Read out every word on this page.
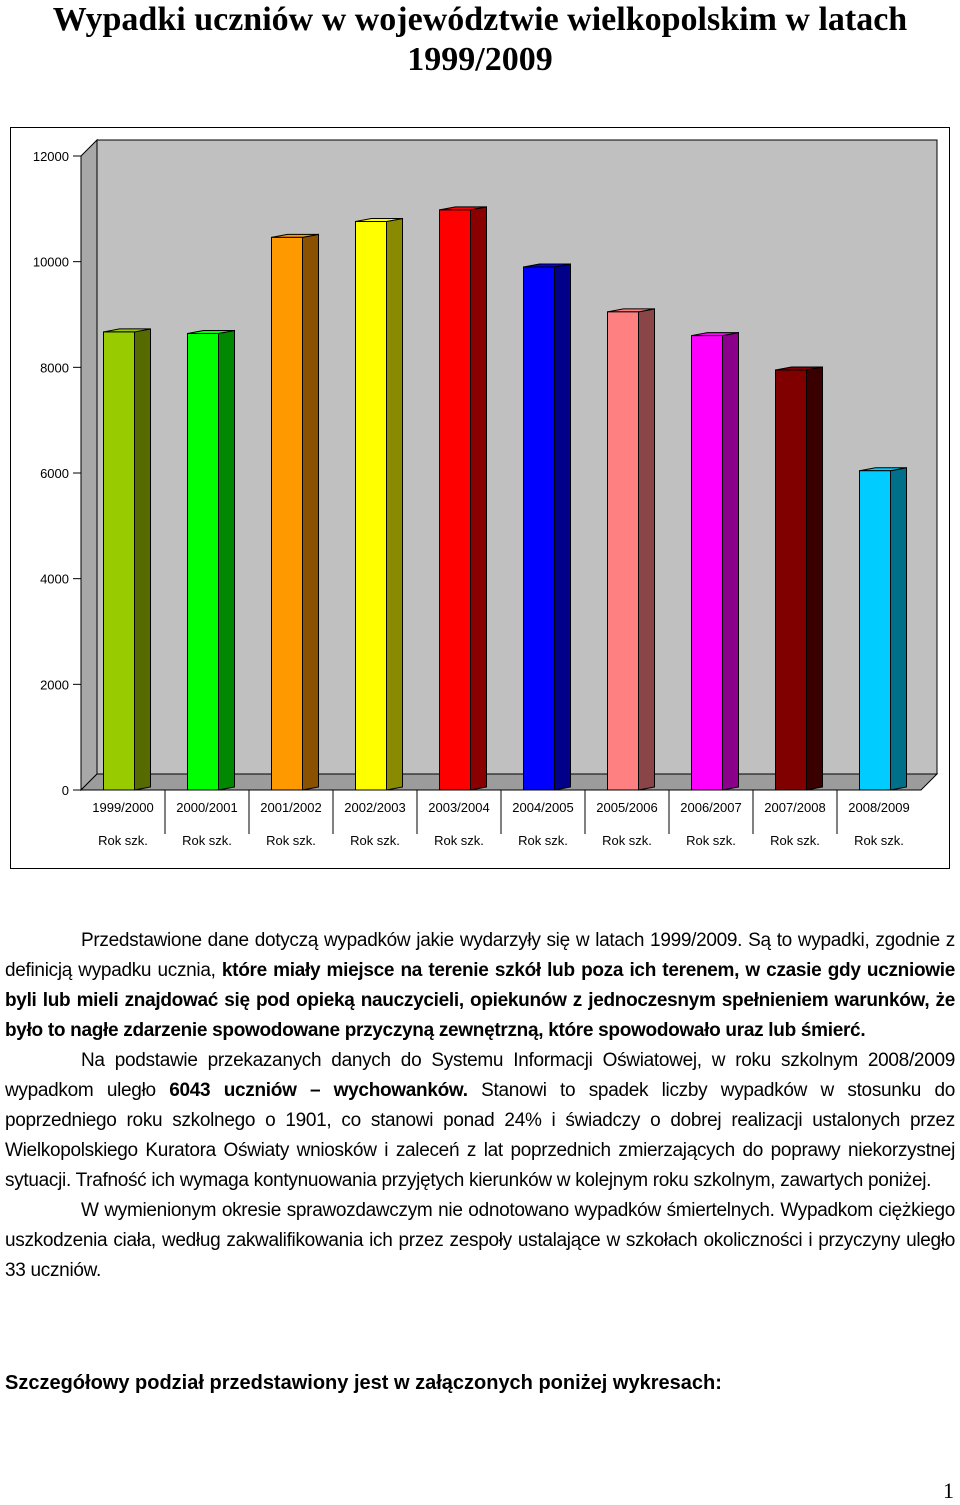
Wypadki uczniów w województwie wielkopolskim w latach
1999/2009
0
2000
4000
6000
8000
10000
12000
1999/2000
Rok szk.
2000/2001
Rok szk.
2001/2002
Rok szk.
2002/2003
Rok szk.
2003/2004
Rok szk.
2004/2005
Rok szk.
2005/2006
Rok szk.
2006/2007
Rok szk.
2007/2008
Rok szk.
2008/2009
Rok szk.

Przedstawione dane dotyczą wypadków jakie wydarzyły się w latach 1999/2009. Są to wypadki, zgodnie z definicją wypadku ucznia, które miały miejsce na terenie szkół lub poza ich terenem, w czasie gdy uczniowie byli lub mieli znajdować się pod opieką nauczycieli, opiekunów z jednoczesnym spełnieniem warunków, że było to nagłe zdarzenie spowodowane przyczyną zewnętrzną, które spowodowało uraz lub śmierć.

Na podstawie przekazanych danych do Systemu Informacji Oświatowej, w roku szkolnym 2008/2009 wypadkom uległo 6043 uczniów – wychowanków. Stanowi to spadek liczby wypadków w stosunku do poprzedniego roku szkolnego o 1901, co stanowi ponad 24% i świadczy o dobrej realizacji ustalonych przez Wielkopolskiego Kuratora Oświaty wniosków i zaleceń z lat poprzednich zmierzających do poprawy niekorzystnej sytuacji. Trafność ich wymaga kontynuowania przyjętych kierunków w kolejnym roku szkolnym, zawartych poniżej.

W wymienionym okresie sprawozdawczym nie odnotowano wypadków śmiertelnych. Wypadkom ciężkiego uszkodzenia ciała, według zakwalifikowania ich przez zespoły ustalające w szkołach okoliczności i przyczyny uległo 33 uczniów.

Szczegółowy podział przedstawiony jest w załączonych poniżej wykresach:

1
